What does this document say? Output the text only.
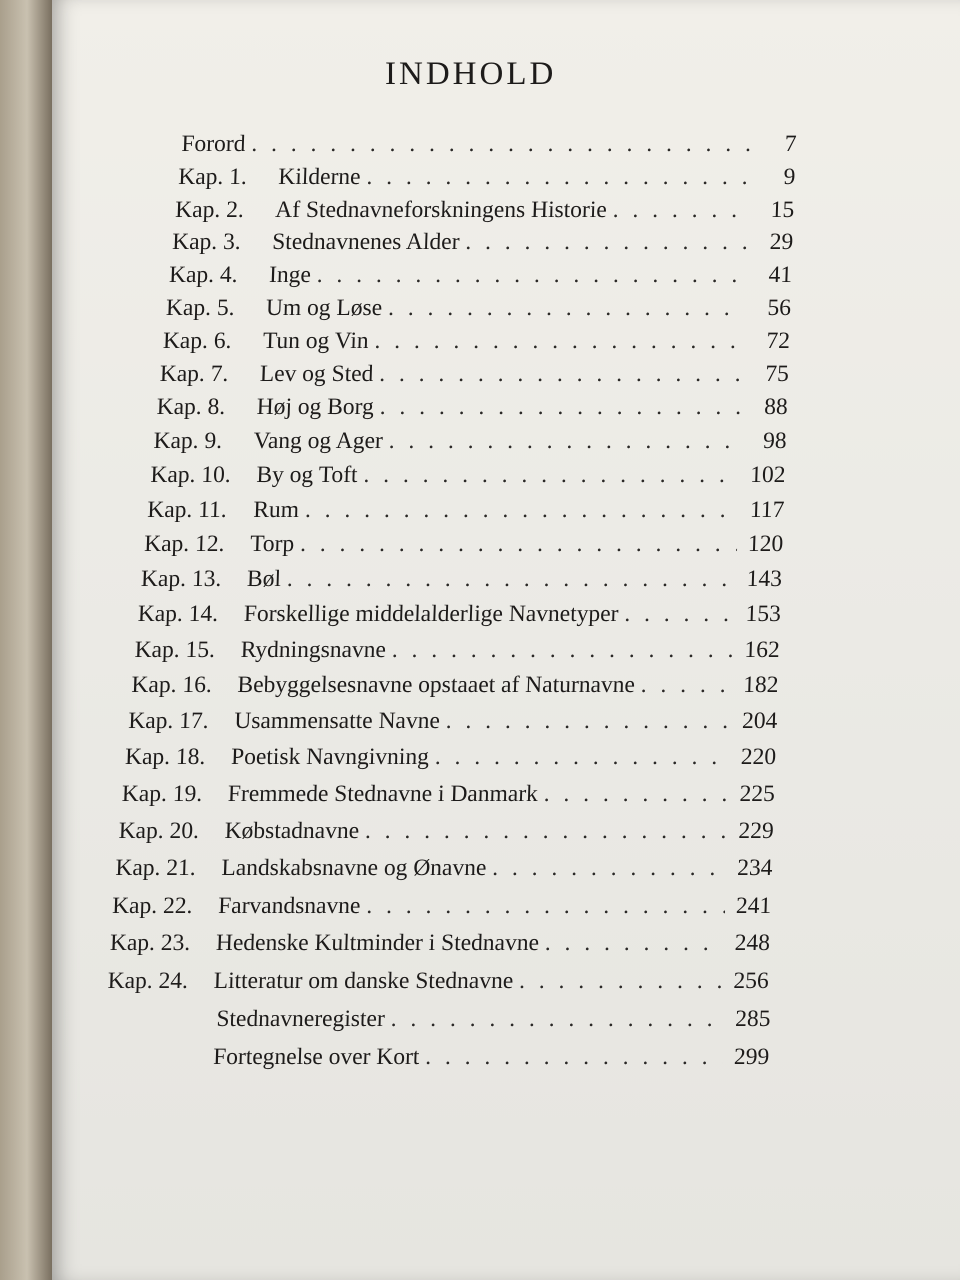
INDHOLD
Forord . . .	7
Kap. 1.	Kilderne . . .	9
Kap. 2.	Af Stednavneforskningens Historie . . .	15
Kap. 3.	Stednavnenes Alder . . .	29
Kap. 4.	Inge . . .	41
Kap. 5.	Um og Løse . . .	56
Kap. 6.	Tun og Vin . . .	72
Kap. 7.	Lev og Sted . . .	75
Kap. 8.	Høj og Borg . . .	88
Kap. 9.	Vang og Ager . . .	98
Kap. 10.	By og Toft . . .	102
Kap. 11.	Rum . . .	117
Kap. 12.	Torp . . .	120
Kap. 13.	Bøl . . .	143
Kap. 14.	Forskellige middelalderlige Navnetyper . . .	153
Kap. 15.	Rydningsnavne . . .	162
Kap. 16.	Bebyggelsesnavne opstaaet af Naturnavne . . .	182
Kap. 17.	Usammensatte Navne . . .	204
Kap. 18.	Poetisk Navngivning . . .	220
Kap. 19.	Fremmede Stednavne i Danmark . . .	225
Kap. 20.	Købstadnavne . . .	229
Kap. 21.	Landskabsnavne og Ønavne . . .	234
Kap. 22.	Farvandsnavne . . .	241
Kap. 23.	Hedenske Kultminder i Stednavne . . .	248
Kap. 24.	Litteratur om danske Stednavne . . .	256
Stednavneregister . . .	285
Fortegnelse over Kort . . .	299
